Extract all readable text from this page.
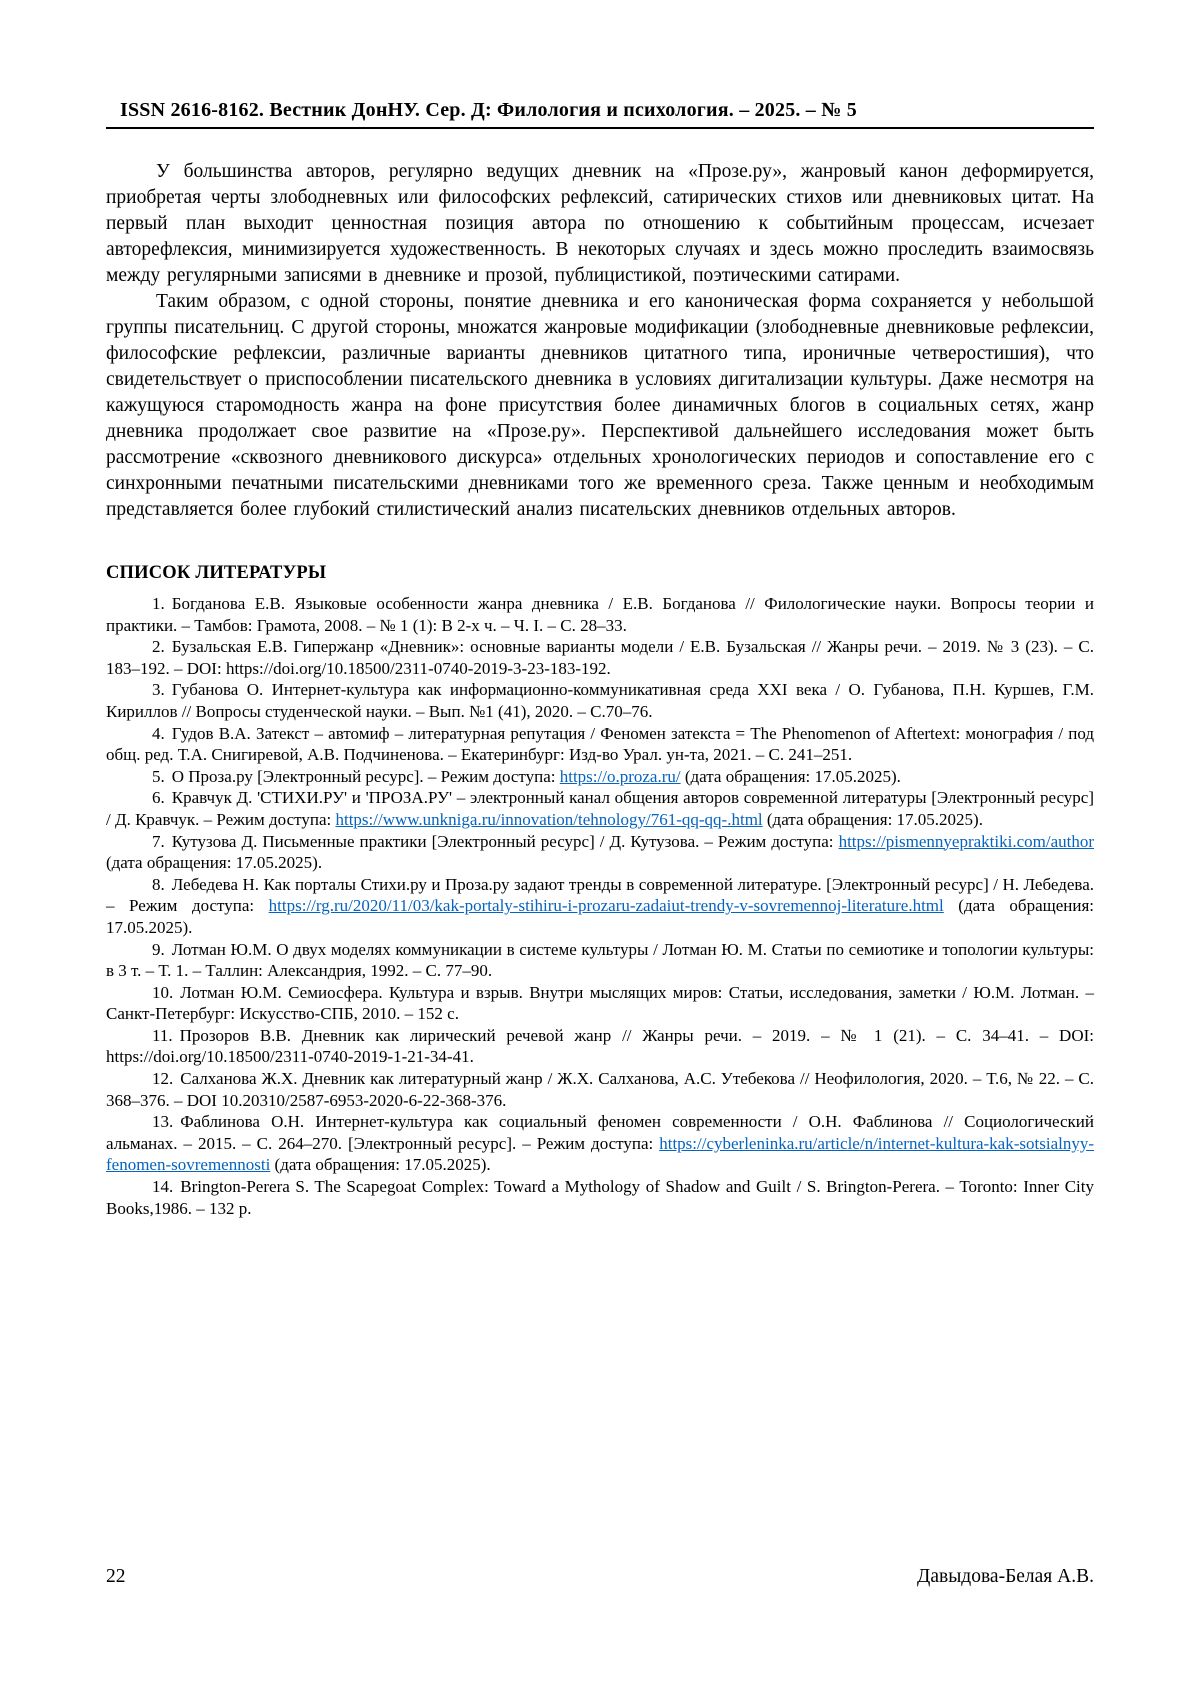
ISSN 2616-8162. Вестник ДонНУ. Сер. Д: Филология и психология. – 2025. – № 5

У большинства авторов, регулярно ведущих дневник на «Прозе.ру», жанровый канон деформируется, приобретая черты злободневных или философских рефлексий, сатирических стихов или дневниковых цитат. На первый план выходит ценностная позиция автора по отношению к событийным процессам, исчезает авторефлексия, минимизируется художественность. В некоторых случаях и здесь можно проследить взаимосвязь между регулярными записями в дневнике и прозой, публицистикой, поэтическими сатирами.

Таким образом, с одной стороны, понятие дневника и его каноническая форма сохраняется у небольшой группы писательниц. С другой стороны, множатся жанровые модификации (злободневные дневниковые рефлексии, философские рефлексии, различные варианты дневников цитатного типа, ироничные четверостишия), что свидетельствует о приспособлении писательского дневника в условиях дигитализации культуры. Даже несмотря на кажущуюся старомодность жанра на фоне присутствия более динамичных блогов в социальных сетях, жанр дневника продолжает свое развитие на «Прозе.ру». Перспективой дальнейшего исследования может быть рассмотрение «сквозного дневникового дискурса» отдельных хронологических периодов и сопоставление его с синхронными печатными писательскими дневниками того же временного среза. Также ценным и необходимым представляется более глубокий стилистический анализ писательских дневников отдельных авторов.

СПИСОК ЛИТЕРАТУРЫ

1. Богданова Е.В. Языковые особенности жанра дневника / Е.В. Богданова // Филологические науки. Вопросы теории и практики. – Тамбов: Грамота, 2008. – № 1 (1): В 2-х ч. – Ч. I. – С. 28–33.

2. Бузальская Е.В. Гипержанр «Дневник»: основные варианты модели / Е.В. Бузальская // Жанры речи. – 2019. № 3 (23). – С. 183–192. – DOI: https://doi.org/10.18500/2311-0740-2019-3-23-183-192.

3. Губанова О. Интернет-культура как информационно-коммуникативная среда XXI века / О. Губанова, П.Н. Куршев, Г.М. Кириллов // Вопросы студенческой науки. – Вып. №1 (41), 2020. – С.70–76.

4. Гудов В.А. Затекст – автомиф – литературная репутация / Феномен затекста = The Phenomenon of Aftertext: монография / под общ. ред. Т.А. Снигиревой, А.В. Подчиненова. – Екатеринбург: Изд-во Урал. ун-та, 2021. – С. 241–251.

5. О Проза.ру [Электронный ресурс]. – Режим доступа: https://o.proza.ru/ (дата обращения: 17.05.2025).

6. Кравчук Д. 'СТИХИ.РУ' и 'ПРОЗА.РУ' – электронный канал общения авторов современной литературы [Электронный ресурс] / Д. Кравчук. – Режим доступа: https://www.unkniga.ru/innovation/tehnology/761-qq-qq-.html (дата обращения: 17.05.2025).

7. Кутузова Д. Письменные практики [Электронный ресурс] / Д. Кутузова. – Режим доступа: https://pismennyepraktiki.com/author (дата обращения: 17.05.2025).

8. Лебедева Н. Как порталы Стихи.ру и Проза.ру задают тренды в современной литературе. [Электронный ресурс] / Н. Лебедева. – Режим доступа: https://rg.ru/2020/11/03/kak-portaly-stihiru-i-prozaru-zadaiut-trendy-v-sovremennoj-literature.html (дата обращения: 17.05.2025).

9. Лотман Ю.М. О двух моделях коммуникации в системе культуры / Лотман Ю. М. Статьи по семиотике и топологии культуры: в 3 т. – Т. 1. – Таллин: Александрия, 1992. – С. 77–90.

10. Лотман Ю.М. Семиосфера. Культура и взрыв. Внутри мыслящих миров: Статьи, исследования, заметки / Ю.М. Лотман. – Санкт-Петербург: Искусство-СПБ, 2010. – 152 с.

11. Прозоров В.В. Дневник как лирический речевой жанр // Жанры речи. – 2019. – № 1 (21). – С. 34–41. – DOI: https://doi.org/10.18500/2311-0740-2019-1-21-34-41.

12. Салханова Ж.Х. Дневник как литературный жанр / Ж.Х. Салханова, А.С. Утебекова // Неофилология, 2020. – Т.6, № 22. – С. 368–376. – DOI 10.20310/2587-6953-2020-6-22-368-376.

13. Фаблинова О.Н. Интернет-культура как социальный феномен современности / О.Н. Фаблинова // Социологический альманах. – 2015. – С. 264–270. [Электронный ресурс]. – Режим доступа: https://cyberleninka.ru/article/n/internet-kultura-kak-sotsialnyy-fenomen-sovremennosti (дата обращения: 17.05.2025).

14. Brington-Perera S. The Scapegoat Complex: Toward a Mythology of Shadow and Guilt / S. Brington-Perera. – Toronto: Inner City Books,1986. – 132 p.

22	Давыдова-Белая А.В.
